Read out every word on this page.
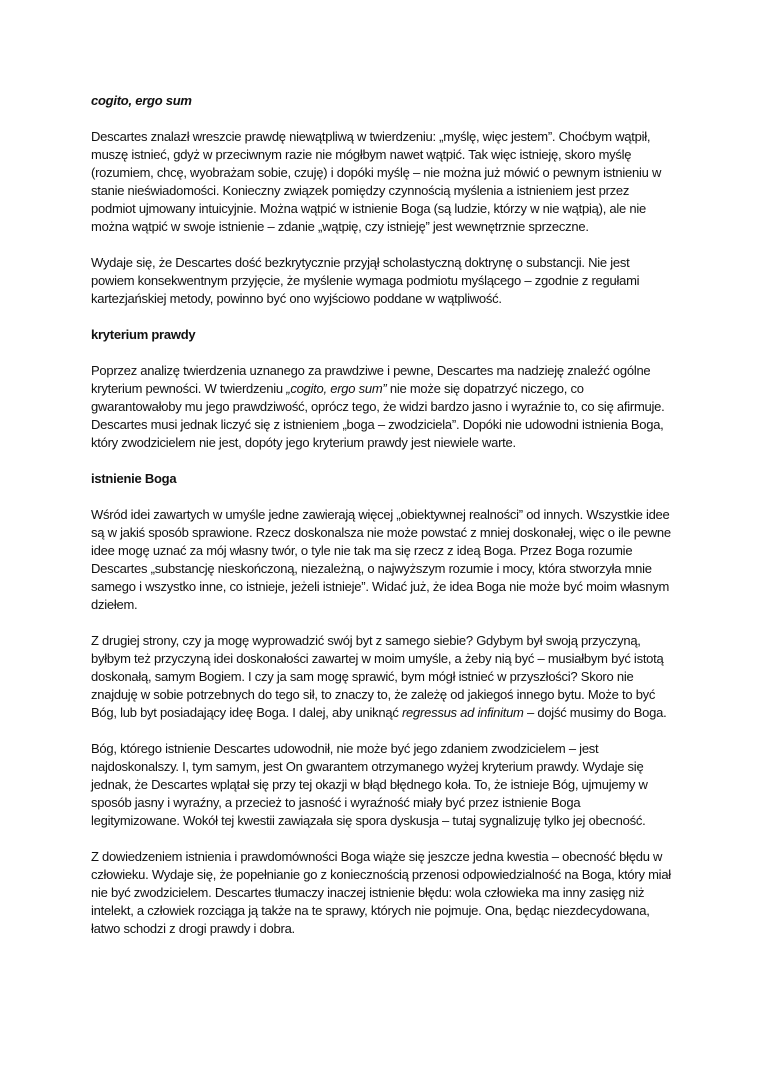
cogito, ergo sum

Descartes znalazł wreszcie prawdę niewątpliwą w twierdzeniu: „myślę, więc jestem”. Choćbym wątpił, muszę istnieć, gdyż w przeciwnym razie nie mógłbym nawet wątpić. Tak więc istnieję, skoro myślę (rozumiem, chcę, wyobrażam sobie, czuję) i dopóki myślę – nie można już mówić o pewnym istnieniu w stanie nieświadomości. Konieczny związek pomiędzy czynnością myślenia a istnieniem jest przez podmiot ujmowany intuicyjnie. Można wątpić w istnienie Boga (są ludzie, którzy w nie wątpią), ale nie można wątpić w swoje istnienie – zdanie „wątpię, czy istnieję” jest wewnętrznie sprzeczne.

Wydaje się, że Descartes dość bezkrytycznie przyjął scholastyczną doktrynę o substancji. Nie jest powiem konsekwentnym przyjęcie, że myślenie wymaga podmiotu myślącego – zgodnie z regułami kartezjańskiej metody, powinno być ono wyjściowo poddane w wątpliwość.

kryterium prawdy

Poprzez analizę twierdzenia uznanego za prawdziwe i pewne, Descartes ma nadzieję znaleźć ogólne kryterium pewności. W twierdzeniu „cogito, ergo sum” nie może się dopatrzyć niczego, co gwarantowałoby mu jego prawdziwość, oprócz tego, że widzi bardzo jasno i wyraźnie to, co się afirmuje. Descartes musi jednak liczyć się z istnieniem „boga – zwodziciela”. Dopóki nie udowodni istnienia Boga, który zwodzicielem nie jest, dopóty jego kryterium prawdy jest niewiele warte.

istnienie Boga

Wśród idei zawartych w umyśle jedne zawierają więcej „obiektywnej realności” od innych. Wszystkie idee są w jakiś sposób sprawione. Rzecz doskonalsza nie może powstać z mniej doskonałej, więc o ile pewne idee mogę uznać za mój własny twór, o tyle nie tak ma się rzecz z ideą Boga. Przez Boga rozumie Descartes „substancję nieskończoną, niezależną, o najwyższym rozumie i mocy, która stworzyła mnie samego i wszystko inne, co istnieje, jeżeli istnieje”. Widać już, że idea Boga nie może być moim własnym dziełem.

Z drugiej strony, czy ja mogę wyprowadzić swój byt z samego siebie? Gdybym był swoją przyczyną, byłbym też przyczyną idei doskonałości zawartej w moim umyśle, a żeby nią być – musiałbym być istotą doskonałą, samym Bogiem. I czy ja sam mogę sprawić, bym mógł istnieć w przyszłości? Skoro nie znajduję w sobie potrzebnych do tego sił, to znaczy to, że zależę od jakiegoś innego bytu. Może to być Bóg, lub byt posiadający ideę Boga. I dalej, aby uniknąć regressus ad infinitum – dojść musimy do Boga.

Bóg, którego istnienie Descartes udowodnił, nie może być jego zdaniem zwodzicielem – jest najdoskonalszy. I, tym samym, jest On gwarantem otrzymanego wyżej kryterium prawdy. Wydaje się jednak, że Descartes wplątał się przy tej okazji w błąd błędnego koła. To, że istnieje Bóg, ujmujemy w sposób jasny i wyraźny, a przecież to jasność i wyraźność miały być przez istnienie Boga legitymizowane. Wokół tej kwestii zawiązała się spora dyskusja – tutaj sygnalizuję tylko jej obecność.

Z dowiedzeniem istnienia i prawdomówności Boga wiąże się jeszcze jedna kwestia – obecność błędu w człowieku. Wydaje się, że popełnianie go z koniecznością przenosi odpowiedzialność na Boga, który miał nie być zwodzicielem. Descartes tłumaczy inaczej istnienie błędu: wola człowieka ma inny zasięg niż intelekt, a człowiek rozciąga ją także na te sprawy, których nie pojmuje. Ona, będąc niezdecydowana, łatwo schodzi z drogi prawdy i dobra.
